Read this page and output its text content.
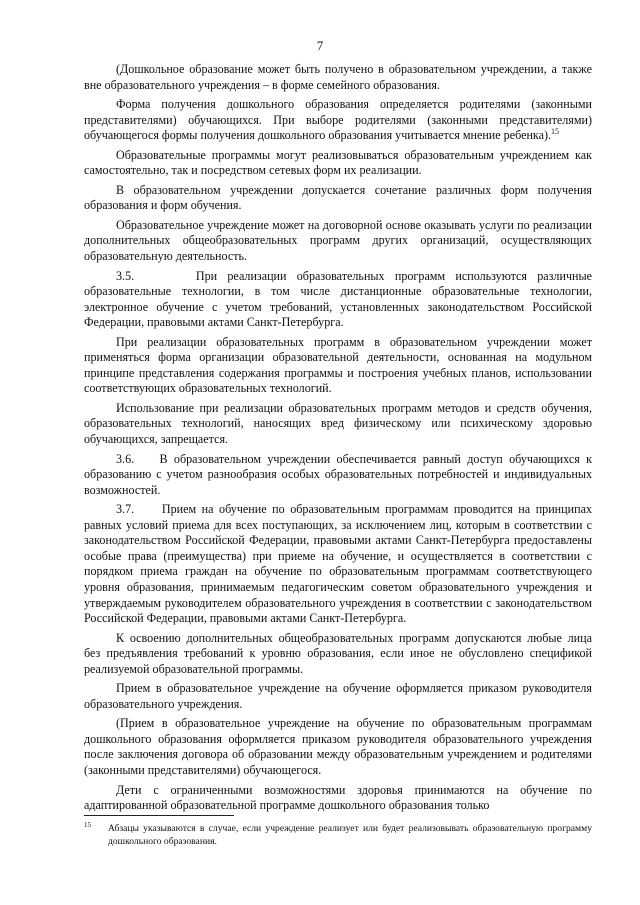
7

(Дошкольное образование может быть получено в образовательном учреждении, а также вне образовательного учреждения – в форме семейного образования.

Форма получения дошкольного образования определяется родителями (законными представителями) обучающихся. При выборе родителями (законными представителями) обучающегося формы получения дошкольного образования учитывается мнение ребенка).$^{15}$

Образовательные программы могут реализовываться образовательным учреждением как самостоятельно, так и посредством сетевых форм их реализации.

В образовательном учреждении допускается сочетание различных форм получения образования и форм обучения.

Образовательное учреждение может на договорной основе оказывать услуги по реализации дополнительных общеобразовательных программ других организаций, осуществляющих образовательную деятельность.

3.5.      При реализации образовательных программ используются различные образовательные технологии, в том числе дистанционные образовательные технологии, электронное обучение с учетом требований, установленных законодательством Российской Федерации, правовыми актами Санкт-Петербурга.

При реализации образовательных программ в образовательном учреждении может применяться форма организации образовательной деятельности, основанная на модульном принципе представления содержания программы и построения учебных планов, использовании соответствующих образовательных технологий.

Использование при реализации образовательных программ методов и средств обучения, образовательных технологий, наносящих вред физическому или психическому здоровью обучающихся, запрещается.

3.6.    В образовательном учреждении обеспечивается равный доступ обучающихся к образованию с учетом разнообразия особых образовательных потребностей и индивидуальных возможностей.

3.7.     Прием на обучение по образовательным программам проводится на принципах равных условий приема для всех поступающих, за исключением лиц, которым в соответствии с законодательством Российской Федерации, правовыми актами Санкт-Петербурга предоставлены особые права (преимущества) при приеме на обучение, и осуществляется в соответствии с порядком приема граждан на обучение по образовательным программам соответствующего уровня образования, принимаемым педагогическим советом образовательного учреждения и утверждаемым руководителем образовательного учреждения в соответствии с законодательством Российской Федерации, правовыми актами Санкт-Петербурга.

К освоению дополнительных общеобразовательных программ допускаются любые лица без предъявления требований к уровню образования, если иное не обусловлено спецификой реализуемой образовательной программы.

Прием в образовательное учреждение на обучение оформляется приказом руководителя образовательного учреждения.

(Прием в образовательное учреждение на обучение по образовательным программам дошкольного образования оформляется приказом руководителя образовательного учреждения после заключения договора об образовании между образовательным учреждением и родителями (законными представителями) обучающегося.

Дети с ограниченными возможностями здоровья принимаются на обучение по адаптированной образовательной программе дошкольного образования только

15	Абзацы указываются в случае, если учреждение реализует или будет реализовывать образовательную программу дошкольного образования.
